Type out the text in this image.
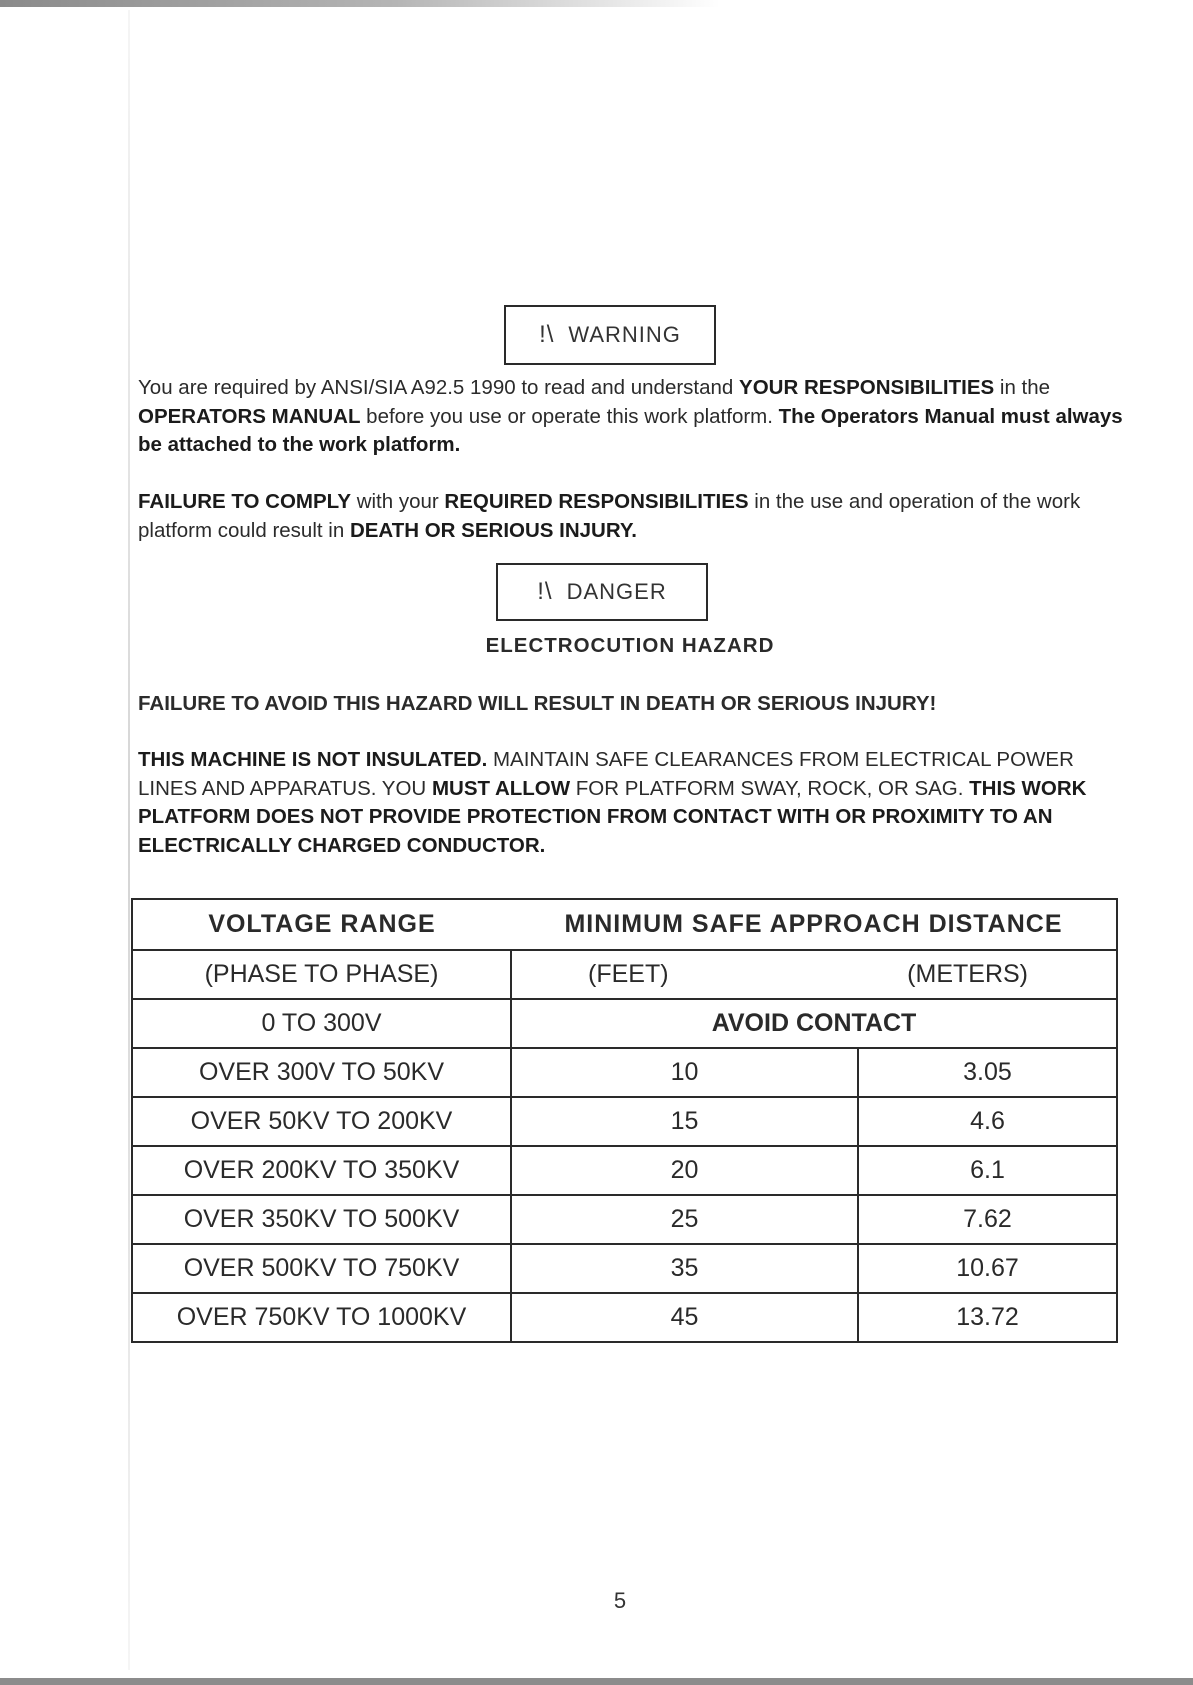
!\ WARNING

You are required by ANSI/SIA A92.5 1990 to read and understand YOUR RESPONSIBILITIES in the OPERATORS MANUAL before you use or operate this work platform. The Operators Manual must always be attached to the work platform.

FAILURE TO COMPLY with your REQUIRED RESPONSIBILITIES in the use and operation of the work platform could result in DEATH OR SERIOUS INJURY.

!\ DANGER

ELECTROCUTION HAZARD

FAILURE TO AVOID THIS HAZARD WILL RESULT IN DEATH OR SERIOUS INJURY!

THIS MACHINE IS NOT INSULATED. MAINTAIN SAFE CLEARANCES FROM ELECTRICAL POWER LINES AND APPARATUS. YOU MUST ALLOW FOR PLATFORM SWAY, ROCK, OR SAG. THIS WORK PLATFORM DOES NOT PROVIDE PROTECTION FROM CONTACT WITH OR PROXIMITY TO AN ELECTRICALLY CHARGED CONDUCTOR.

VOLTAGE RANGE	MINIMUM SAFE APPROACH DISTANCE	
(PHASE TO PHASE)	(FEET)	(METERS)
0 TO 300V	AVOID CONTACT	
OVER 300V TO 50KV	10	3.05
OVER 50KV TO 200KV	15	4.6
OVER 200KV TO 350KV	20	6.1
OVER 350KV TO 500KV	25	7.62
OVER 500KV TO 750KV	35	10.67
OVER 750KV TO 1000KV	45	13.72
5
